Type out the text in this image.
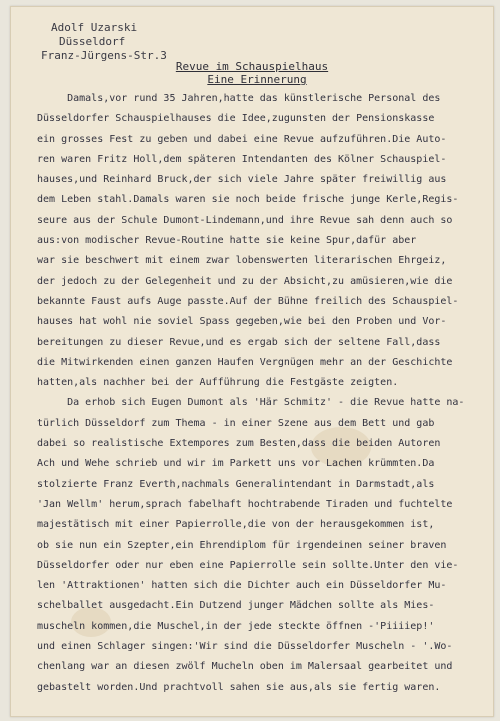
Adolf Uzarski
Düsseldorf
Franz-Jürgens-Str.3
Revue im Schauspielhaus
Eine Erinnerung
Damals,vor rund 35 Jahren,hatte das künstlerische Personal des
Düsseldorfer Schauspielhauses die Idee,zugunsten der Pensionskasse
ein grosses Fest zu geben und dabei eine Revue aufzuführen.Die Auto-
ren waren Fritz Holl,dem späteren Intendanten des Kölner Schauspiel-
hauses,und Reinhard Bruck,der sich viele Jahre später freiwillig aus
dem Leben stahl.Damals waren sie noch beide frische junge Kerle,Regis-
seure aus der Schule Dumont-Lindemann,und ihre Revue sah denn auch so
aus:von modischer Revue-Routine hatte sie keine Spur,dafür aber
war sie beschwert mit einem zwar lobenswerten literarischen Ehrgeiz,
der jedoch zu der Gelegenheit und zu der Absicht,zu amüsieren,wie die
bekannte Faust aufs Auge passte.Auf der Bühne freilich des Schauspiel-
hauses hat wohl nie soviel Spass gegeben,wie bei den Proben und Vor-
bereitungen zu dieser Revue,und es ergab sich der seltene Fall,dass
die Mitwirkenden einen ganzen Haufen Vergnügen mehr an der Geschichte
hatten,als nachher bei der Aufführung die Festgäste zeigten.
Da erhob sich Eugen Dumont als 'Här Schmitz' - die Revue hatte na-
türlich Düsseldorf zum Thema - in einer Szene aus dem Bett und gab
dabei so realistische Extempores zum Besten,dass die beiden Autoren
Ach und Wehe schrieb und wir im Parkett uns vor Lachen krümmten.Da
stolzierte Franz Everth,nachmals Generalintendant in Darmstadt,als
'Jan Wellm' herum,sprach fabelhaft hochtrabende Tiraden und fuchtelte
majestätisch mit einer Papierrolle,die von der herausgekommen ist,
ob sie nun ein Szepter,ein Ehrendiplom für irgendeinen seiner braven
Düsseldorfer oder nur eben eine Papierrolle sein sollte.Unter den vie-
len 'Attraktionen' hatten sich die Dichter auch ein Düsseldorfer Mu-
schelballet ausgedacht.Ein Dutzend junger Mädchen sollte als Mies-
muscheln kommen,die Muschel,in der jede steckte öffnen -'Piiiiep!'
und einen Schlager singen:'Wir sind die Düsseldorfer Muscheln - '.Wo-
chenlang war an diesen zwölf Mucheln oben im Malersaal gearbeitet und
gebastelt worden.Und prachtvoll sahen sie aus,als sie fertig waren.
